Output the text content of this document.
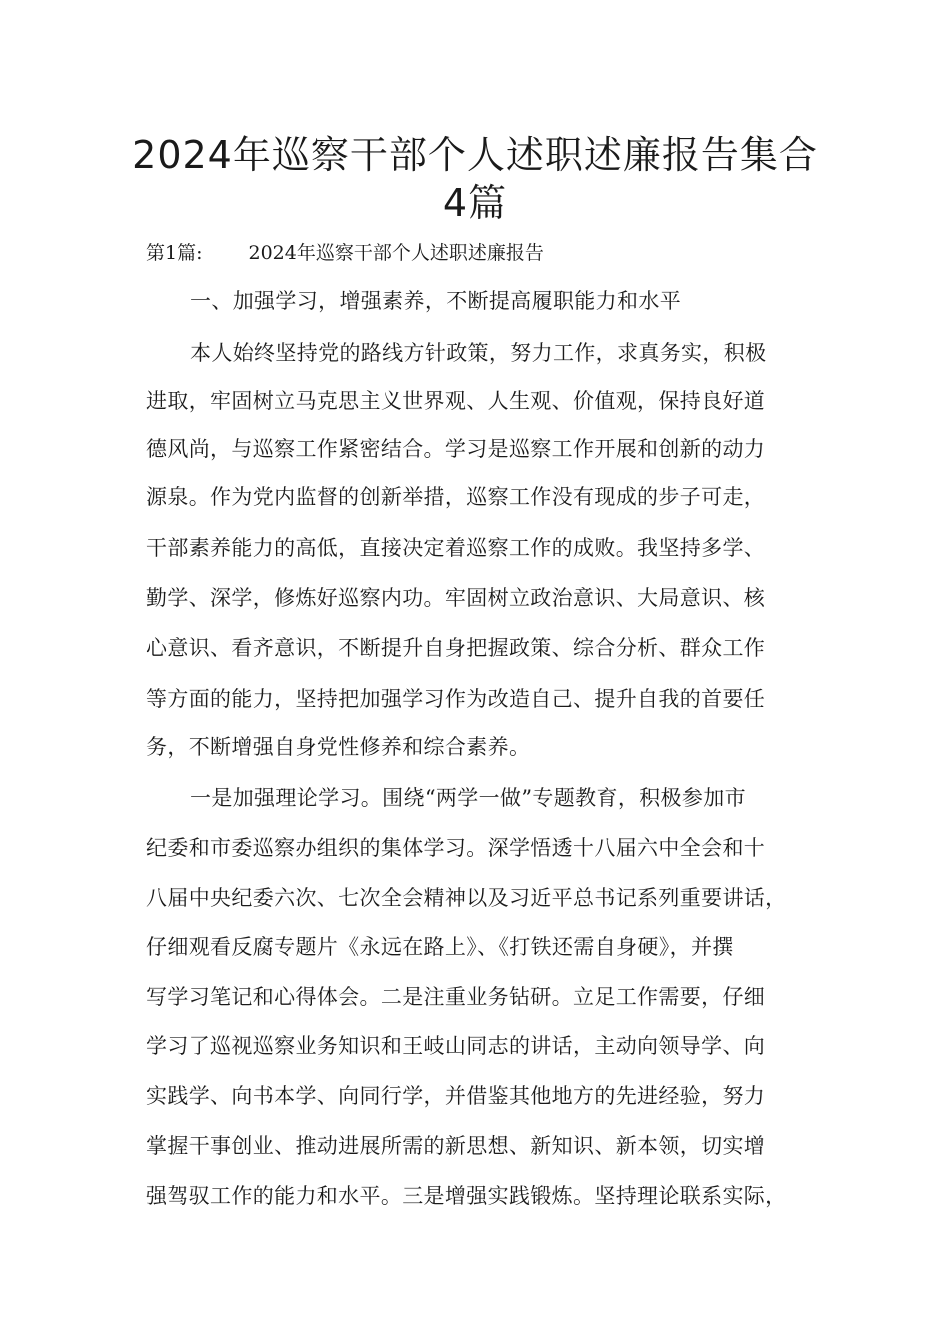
2024年巡察干部个人述职述廉报告集合
4篇
第1篇: 2024年巡察干部个人述职述廉报告
一、加强学习，增强素养，不断提高履职能力和水平
本人始终坚持党的路线方针政策，努力工作，求真务实，积极
进取，牢固树立马克思主义世界观、人生观、价值观，保持良好道
德风尚，与巡察工作紧密结合。学习是巡察工作开展和创新的动力
源泉。作为党内监督的创新举措，巡察工作没有现成的步子可走，
干部素养能力的高低，直接决定着巡察工作的成败。我坚持多学、
勤学、深学，修炼好巡察内功。牢固树立政治意识、大局意识、核
心意识、看齐意识，不断提升自身把握政策、综合分析、群众工作
等方面的能力，坚持把加强学习作为改造自己、提升自我的首要任
务，不断增强自身党性修养和综合素养。
一是加强理论学习。围绕“两学一做”专题教育，积极参加市
纪委和市委巡察办组织的集体学习。深学悟透十八届六中全会和十
八届中央纪委六次、七次全会精神以及习近平总书记系列重要讲话，
仔细观看反腐专题片《永远在路上》、《打铁还需自身硬》，并撰
写学习笔记和心得体会。二是注重业务钻研。立足工作需要，仔细
学习了巡视巡察业务知识和王岐山同志的讲话，主动向领导学、向
实践学、向书本学、向同行学，并借鉴其他地方的先进经验，努力
掌握干事创业、推动进展所需的新思想、新知识、新本领，切实增
强驾驭工作的能力和水平。三是增强实践锻炼。坚持理论联系实际，
